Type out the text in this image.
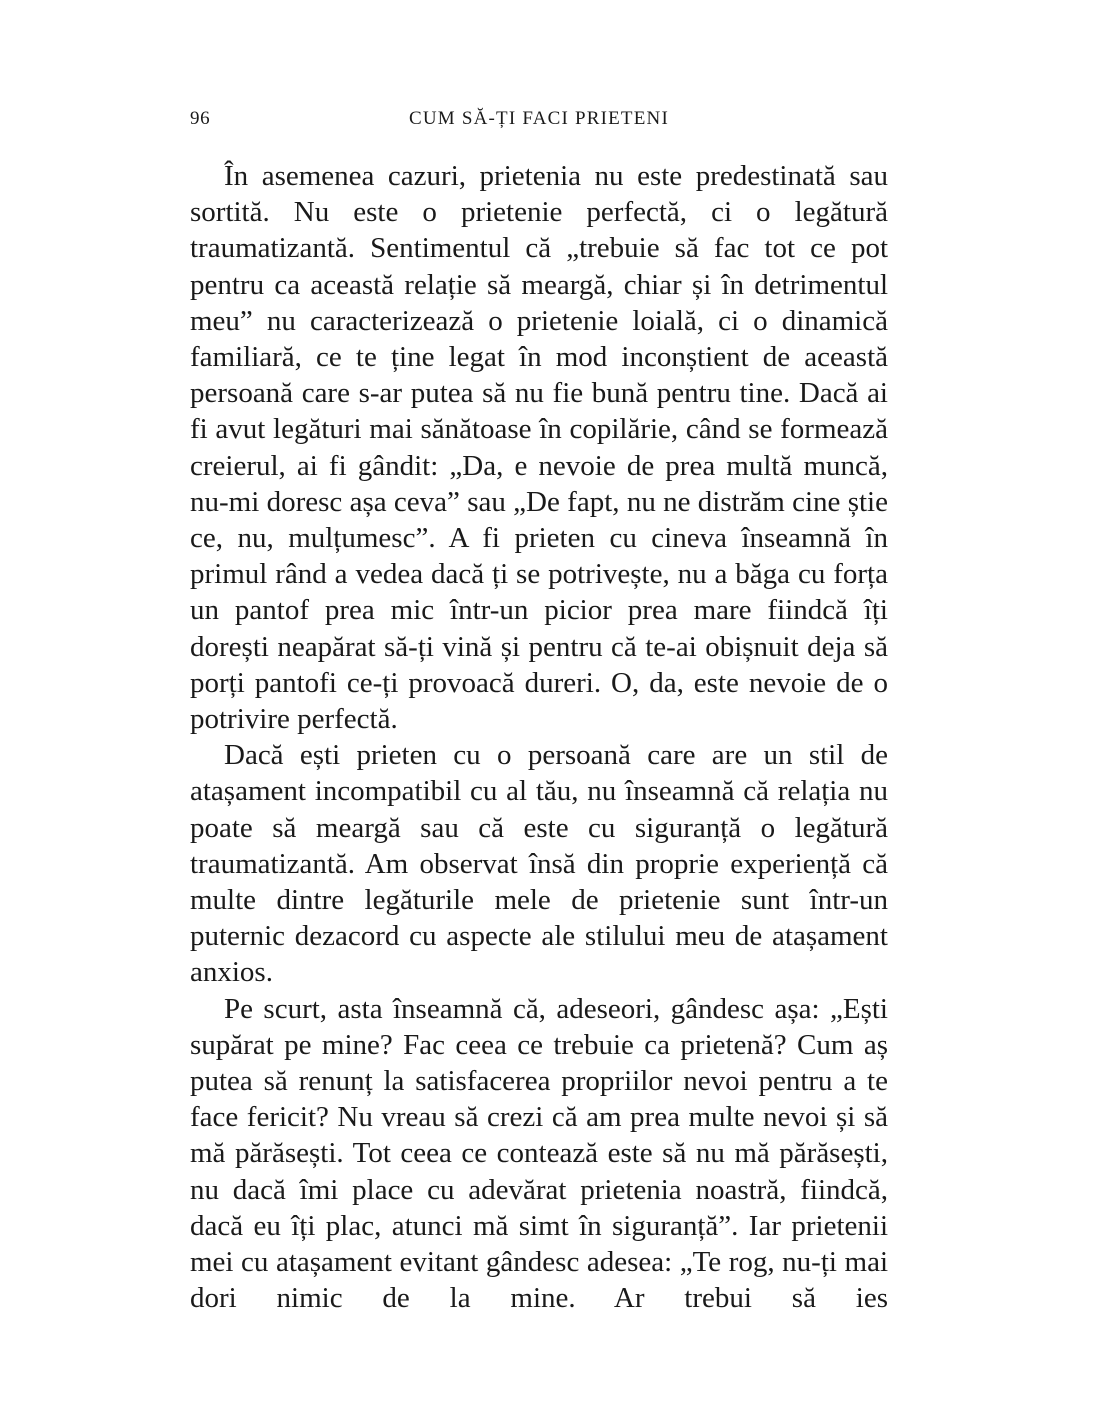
96	CUM SĂ-ȚI FACI PRIETENI

În asemenea cazuri, prietenia nu este predestinată sau sortită. Nu este o prietenie perfectă, ci o legătură traumatizantă. Sentimentul că „trebuie să fac tot ce pot pentru ca această relație să meargă, chiar și în detrimentul meu” nu caracterizează o prietenie loială, ci o dinamică familiară, ce te ține legat în mod inconștient de această persoană care s-ar putea să nu fie bună pentru tine. Dacă ai fi avut legături mai sănătoase în copilărie, când se formează creierul, ai fi gândit: „Da, e nevoie de prea multă muncă, nu-mi doresc așa ceva” sau „De fapt, nu ne distrăm cine știe ce, nu, mulțumesc”. A fi prieten cu cineva înseamnă în primul rând a vedea dacă ți se potrivește, nu a băga cu forța un pantof prea mic într-un picior prea mare fiindcă îți dorești neapărat să-ți vină și pentru că te-ai obișnuit deja să porți pantofi ce-ți provoacă dureri. O, da, este nevoie de o potrivire perfectă.

Dacă ești prieten cu o persoană care are un stil de atașament incompatibil cu al tău, nu înseamnă că relația nu poate să meargă sau că este cu siguranță o legătură traumatizantă. Am observat însă din proprie experiență că multe dintre legăturile mele de prietenie sunt într-un puternic dezacord cu aspecte ale stilului meu de atașament anxios.

Pe scurt, asta înseamnă că, adeseori, gândesc așa: „Ești supărat pe mine? Fac ceea ce trebuie ca prietenă? Cum aș putea să renunț la satisfacerea propriilor nevoi pentru a te face fericit? Nu vreau să crezi că am prea multe nevoi și să mă părăsești. Tot ceea ce contează este să nu mă părăsești, nu dacă îmi place cu adevărat prietenia noastră, fiindcă, dacă eu îți plac, atunci mă simt în siguranță”. Iar prietenii mei cu atașament evitant gândesc adesea: „Te rog, nu-ți mai dori nimic de la mine. Ar trebui să ies
